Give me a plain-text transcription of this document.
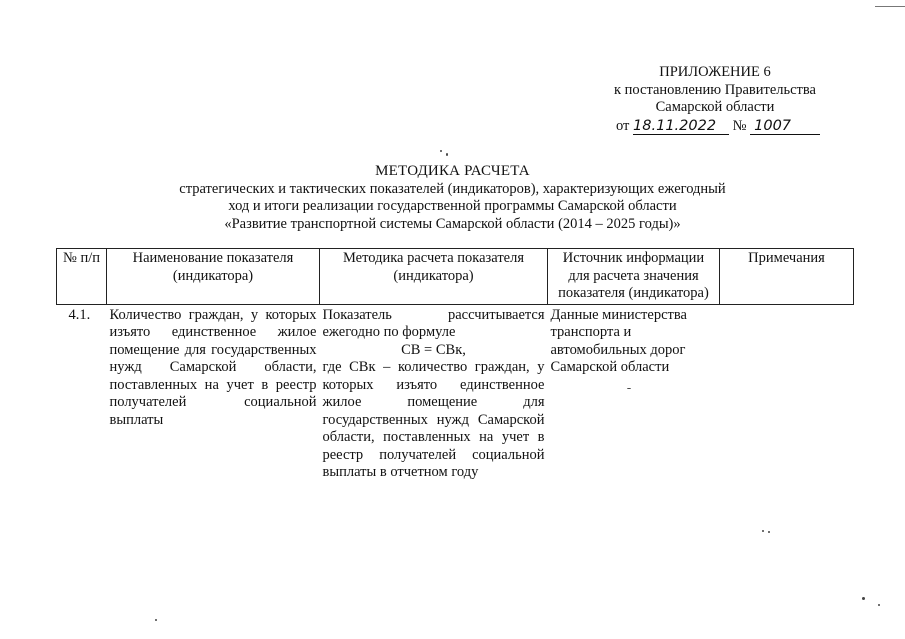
ПРИЛОЖЕНИЕ 6
к постановлению Правительства
Самарской области
от 18.11.2022 № 1007
МЕТОДИКА РАСЧЕТА
стратегических и тактических показателей (индикаторов), характеризующих ежегодный
ход и итоги реализации государственной программы Самарской области
«Развитие транспортной системы Самарской области (2014 – 2025 годы)»
№ п/п	Наименование показателя (индикатора)	Методика расчета показателя (индикатора)	Источник информации для расчета значения показателя (индикатора)	Примечания
4.1.	Количество граждан, у которых изъято единственное жилое помещение для государственных нужд Самарской области, поставленных на учет в реестр получателей социальной выплаты	Показатель рассчитывается ежегодно по формуле
СВ = СВк,
где СВк – количество граждан, у которых изъято единственное жилое помещение для государственных нужд Самарской области, поставленных на учет в реестр получателей социальной выплаты в отчетном году	Данные министерства транспорта и автомобильных дорог Самарской области	
